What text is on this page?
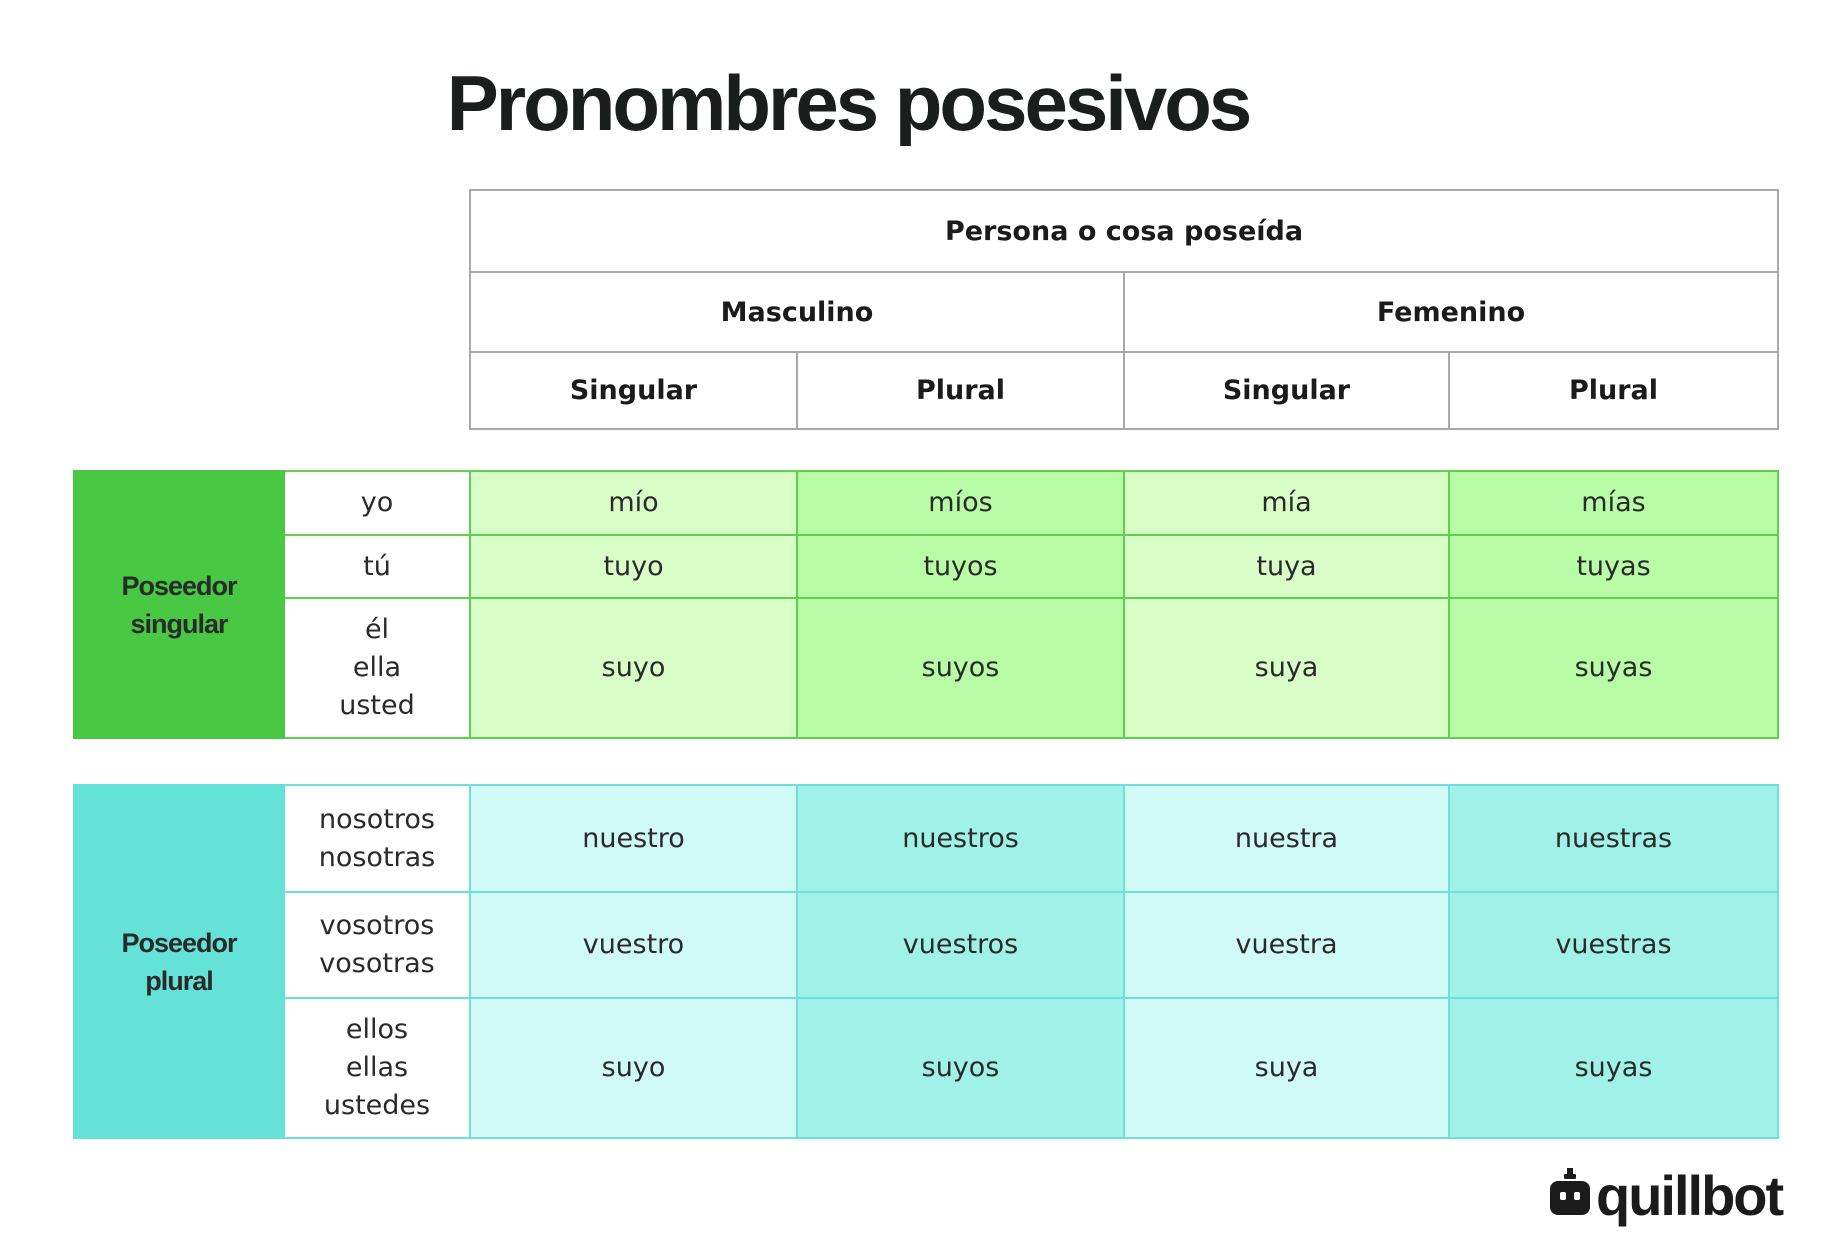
Pronombres posesivos
Persona o cosa poseída			
Masculino		Femenino	
Singular	Plural	Singular	Plural
Poseedor
singular	yo	mío	míos	mía	mías

	tú	tuyo	tuyos	tuya	tuyas

	él
ella
usted	suyo	suyos	suya	suyas
Poseedor
plural	nosotros
nosotras	nuestro	nuestros	nuestra	nuestras

	vosotros
vosotras	vuestro	vuestros	vuestra	vuestras

	ellos
ellas
ustedes	suyo	suyos	suya	suyas
quillbot
